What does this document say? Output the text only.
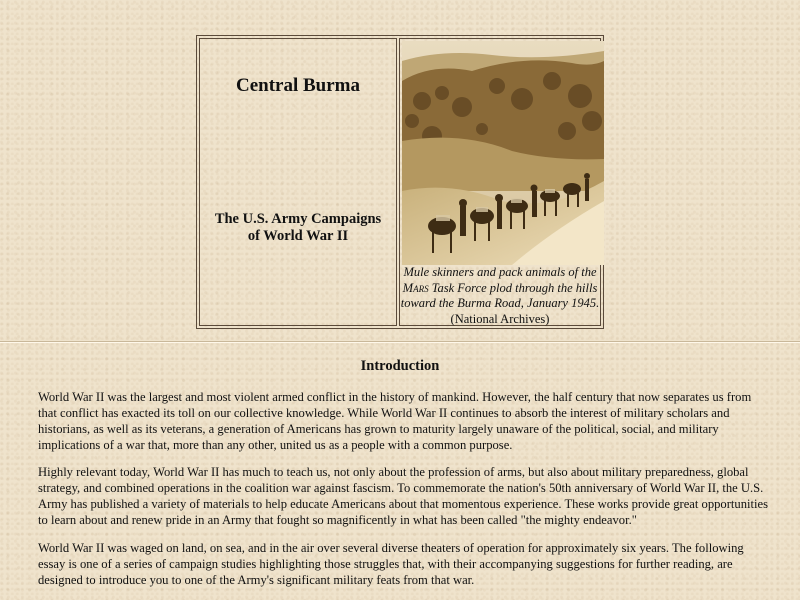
Central Burma
The U.S. Army Campaigns
of World War II
Mule skinners and pack animals of the
Mars Task Force plod through the hills
toward the Burma Road, January 1945.
(National Archives)
Introduction

World War II was the largest and most violent armed conflict in the history of mankind. However, the half century that now separates us from that conflict has exacted its toll on our collective knowledge. While World War II continues to absorb the interest of military scholars and historians, as well as its veterans, a generation of Americans has grown to maturity largely unaware of the political, social, and military implications of a war that, more than any other, united us as a people with a common purpose.

Highly relevant today, World War II has much to teach us, not only about the profession of arms, but also about military preparedness, global strategy, and combined operations in the coalition war against fascism. To commemorate the nation's 50th anniversary of World War II, the U.S. Army has published a variety of materials to help educate Americans about that momentous experience. These works provide great opportunities to learn about and renew pride in an Army that fought so magnificently in what has been called "the mighty endeavor."

World War II was waged on land, on sea, and in the air over several diverse theaters of operation for approximately six years. The following essay is one of a series of campaign studies highlighting those struggles that, with their accompanying suggestions for further reading, are designed to introduce you to one of the Army's significant military feats from that war.
